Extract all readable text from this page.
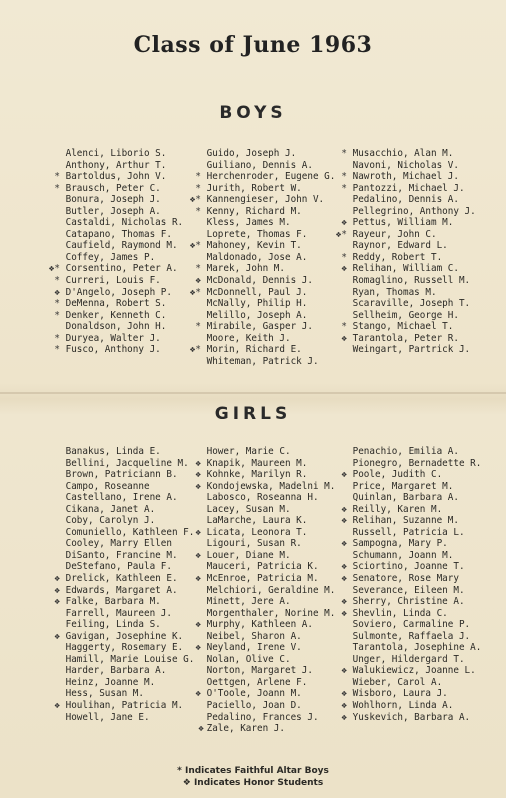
Class of June 1963
BOYS
Alenci, Liborio S.
Anthony, Arthur T.
* Bartoldus, John V.
* Brausch, Peter C.
Bonura, Joseph J.
Butler, Joseph A.
Castaldi, Nicholas R.
Catapano, Thomas F.
Caufield, Raymond M.
Coffey, James P.
❖* Corsentino, Peter A.
* Curreri, Louis F.
❖ D'Angelo, Joseph P.
* DeMenna, Robert S.
* Denker, Kenneth C.
Donaldson, John H.
* Duryea, Walter J.
* Fusco, Anthony J.
Guido, Joseph J.
Guiliano, Dennis A.
* Herchenroder, Eugene G.
* Jurith, Robert W.
❖* Kannengieser, John V.
* Kenny, Richard M.
Kless, James M.
Loprete, Thomas F.
❖* Mahoney, Kevin T.
Maldonado, Jose A.
* Marek, John M.
❖ McDonald, Dennis J.
❖* McDonnell, Paul J.
McNally, Philip H.
Melillo, Joseph A.
* Mirabile, Gasper J.
Moore, Keith J.
❖* Morin, Richard E.
Whiteman, Patrick J.
* Musacchio, Alan M.
Navoni, Nicholas V.
* Nawroth, Michael J.
* Pantozzi, Michael J.
Pedalino, Dennis A.
Pellegrino, Anthony J.
❖ Pettus, William M.
❖* Rayeur, John C.
Raynor, Edward L.
* Reddy, Robert T.
❖ Relihan, William C.
Romaglino, Russell M.
Ryan, Thomas M.
Scaraville, Joseph T.
Sellheim, George H.
* Stango, Michael T.
❖ Tarantola, Peter R.
Weingart, Partrick J.
GIRLS
Banakus, Linda E.
Bellini, Jacqueline M.
Brown, Patriciann B.
Campo, Roseanne
Castellano, Irene A.
Cikana, Janet A.
Coby, Carolyn J.
Comuniello, Kathleen F.
Cooley, Marry Ellen
DiSanto, Francine M.
DeStefano, Paula F.
❖ Drelick, Kathleen E.
❖ Edwards, Margaret A.
❖ Falke, Barbara M.
Farrell, Maureen J.
Feiling, Linda S.
❖ Gavigan, Josephine K.
Haggerty, Rosemary E.
Hamill, Marie Louise G.
Harder, Barbara A.
Heinz, Joanne M.
Hess, Susan M.
❖ Houlihan, Patricia M.
Howell, Jane E.
Hower, Marie C.
❖ Knapik, Maureen M.
❖ Kohnke, Marilyn R.
❖ Kondojewska, Madelni M.
Labosco, Roseanna H.
Lacey, Susan M.
LaMarche, Laura K.
❖ Licata, Leonora T.
Ligouri, Susan R.
❖ Louer, Diane M.
Mauceri, Patricia K.
❖ McEnroe, Patricia M.
Melchiori, Geraldine M.
Minett, Jere A.
Morgenthaler, Norine M.
❖ Murphy, Kathleen A.
Neibel, Sharon A.
❖ Neyland, Irene V.
Nolan, Olive C.
Norton, Margaret J.
Oettgen, Arlene F.
❖ O'Toole, Joann M.
Paciello, Joan D.
Pedalino, Frances J.
❖ Zale, Karen J.
Penachio, Emilia A.
Pionegro, Bernadette R.
❖ Poole, Judith C.
Price, Margaret M.
Quinlan, Barbara A.
❖ Reilly, Karen M.
❖ Relihan, Suzanne M.
Russell, Patricia L.
❖ Sampogna, Mary P.
Schumann, Joann M.
❖ Sciortino, Joanne T.
❖ Senatore, Rose Mary
Severance, Eileen M.
❖ Sherry, Christine A.
❖ Shevlin, Linda C.
Soviero, Carmaline P.
Sulmonte, Raffaela J.
Tarantola, Josephine A.
Unger, Hildergard T.
❖ Walukiewicz, Joanne L.
Wieber, Carol A.
❖ Wisboro, Laura J.
❖ Wohlhorn, Linda A.
❖ Yuskevich, Barbara A.
* Indicates Faithful Altar Boys
❖ Indicates Honor Students
